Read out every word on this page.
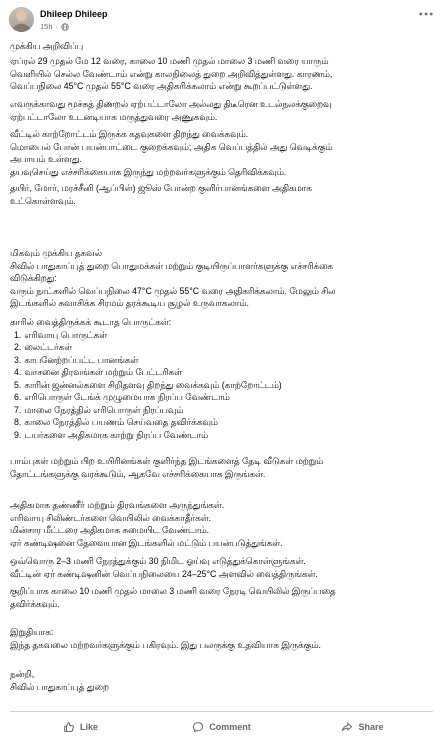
Dhileep Dhileep
15h ·
முக்கிய அறிவிப்பு
ஏப்ரல் 29 முதல் மே 12 வரை, காலை 10 மணி முதல் மாலை 3 மணி வரை யாரும்
வெளியில் செல்ல வேண்டாம் என்று காலநிலைத் துறை அறிவித்துள்ளது. காரணம்,
வெப்பநிலை 45°C முதல் 55°C வரை அதிகரிக்கலாம் என்று கூறப்பட்டுள்ளது.
எவருக்காவது மூச்சுத் திணறல் ஏற்பட்டாலோ அல்லது திடீரென உடல்நலக்குறைவு
ஏற்பட்டாலோ உடனடியாக மருத்துவரை அணுகவும்.
வீட்டில் காற்றோட்டம் இருக்க கதவுகளை திறந்து வைக்கவும்.
மொபைல் போன் பயன்பாட்டை குறைக்கவும்; அதிக வெப்பத்தில் அது வெடிக்கும்
அபாயம் உள்ளது.
தயவுசெய்து எச்சரிக்கையாக இருந்து மற்றவர்களுக்கும் தெரிவிக்கவும்.
தயிர், மோர், மரச்சீனி (ஆப்பிள்) ஜூஸ் போன்ற குளிர்பானங்களை அதிகமாக
உட்கொள்ளவும்.
மிகவும் முக்கிய தகவல்
சிவில் பாதுகாப்புத் துறை பொதுமக்கள் மற்றும் குடியிருப்பாளர்களுக்கு எச்சரிக்கை
விடுக்கிறது:
வரும் நாட்களில் வெப்பநிலை 47°C முதல் 55°C வரை அதிகரிக்கலாம். மேலும் சில
இடங்களில் சுவாசிக்க சிரமம் தரக்கூடிய சூழல் உருவாகலாம்.
காரில் வைத்திருக்கக் கூடாத பொருட்கள்:
1. எரிவாயு பொருட்கள்
2. லைட்டர்கள்
3. காபனேற்றப்பட்ட பானங்கள்
4. வாசனை திரவங்கள் மற்றும் பேட்டரிகள்
5. காரின் ஜன்னல்களை சிறிதளவு திறந்து வைக்கவும் (காற்றோட்டம்)
6. எரிபொருள் டேங்க் முழுமையாக நிரப்ப வேண்டாம்
7. மாலை நேரத்தில் எரிபொருள் நிரப்பவும்
8. காலை நேரத்தில் பயணம் செய்வதை தவிர்க்கவும்
9. டயர்களை அதிகமாக காற்று நிரப்ப வேண்டாம்
பாம்புகள் மற்றும் பிற உயிரினங்கள் குளிர்ந்த இடங்களைத் தேடி வீடுகள் மற்றும்
தோட்டங்களுக்கு வரக்கூடும், ஆகவே எச்சரிக்கையாக இருங்கள்.
அதிகமாக தண்ணீர் மற்றும் திரவங்களை அருந்துங்கள்.
எரிவாயு சிலிண்டர்களை வெயிலில் வைக்காதீர்கள்.
மின்சார மீட்டரை அதிகமாக சுமையிட வேண்டாம்.
ஏர் கண்டிஷனை தேவையான இடங்களில் மட்டும் பயன்படுத்துங்கள்.
ஒவ்வொரு 2–3 மணி நேரத்துக்கும் 30 நிமிட ஓய்வு எடுத்துக்கொள்ளுங்கள்.
வீட்டின் ஏர் கண்டிஷனின் வெப்பநிலையை 24–25°C அளவில் வைத்திருங்கள்.
குறிப்பாக காலை 10 மணி முதல் மாலை 3 மணி வரை நேரடி வெயிலில் இருப்பதை
தவிர்க்கவும்.
இறுதியாக:
இந்த தகவலை மற்றவர்களுக்கும் பகிரவும். இது பலருக்கு உதவியாக இருக்கும்.
நன்றி,
சிவில் பாதுகாப்புத் துறை
Like	Comment	Share
